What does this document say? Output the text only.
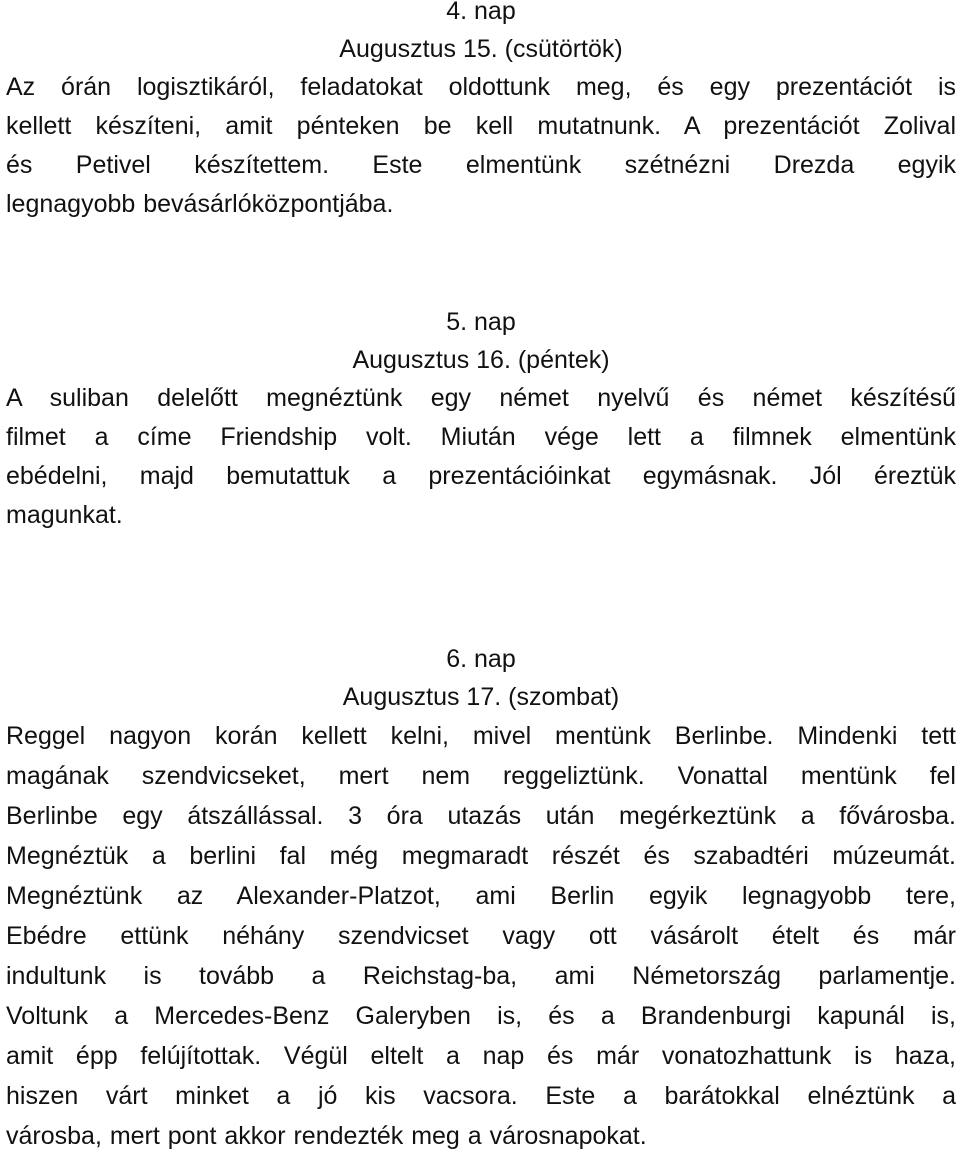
4. nap

Augusztus 15. (csütörtök)

Az órán logisztikáról, feladatokat oldottunk meg, és egy prezentációt is
kellett készíteni, amit pénteken be kell mutatnunk. A prezentációt Zolival
és Petivel készítettem. Este elmentünk szétnézni Drezda egyik
legnagyobb bevásárlóközpontjába.

5. nap

Augusztus 16. (péntek)

A suliban delelőtt megnéztünk egy német nyelvű és német készítésű
filmet a címe Friendship volt. Miután vége lett a filmnek elmentünk
ebédelni, majd bemutattuk a prezentációinkat egymásnak. Jól éreztük
magunkat.

6. nap

Augusztus 17. (szombat)

Reggel nagyon korán kellett kelni, mivel mentünk Berlinbe. Mindenki tett
magának szendvicseket, mert nem reggeliztünk. Vonattal mentünk fel
Berlinbe egy átszállással. 3 óra utazás után megérkeztünk a fővárosba.
Megnéztük a berlini fal még megmaradt részét és szabadtéri múzeumát.
Megnéztünk az Alexander-Platzot, ami Berlin egyik legnagyobb tere,
Ebédre ettünk néhány szendvicset vagy ott vásárolt ételt és már
indultunk is tovább a Reichstag-ba, ami Németország parlamentje.
Voltunk a Mercedes-Benz Galeryben is, és a Brandenburgi kapunál is,
amit épp felújítottak. Végül eltelt a nap és már vonatozhattunk is haza,
hiszen várt minket a jó kis vacsora. Este a barátokkal elnéztünk a
városba, mert pont akkor rendezték meg a városnapokat.
